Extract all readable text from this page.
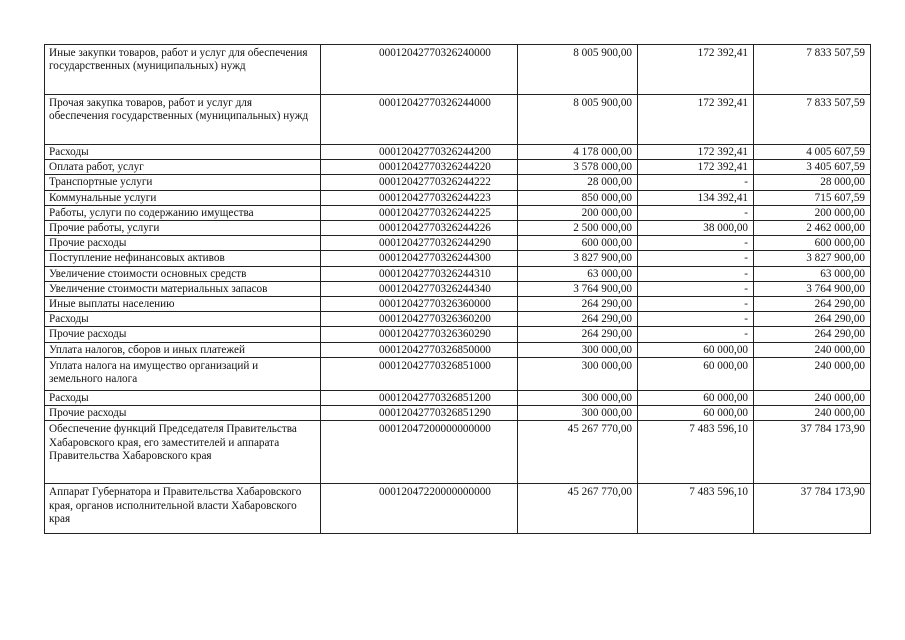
Иные закупки товаров, работ и услуг для обеспечения государственных (муниципальных) нужд	00012042770326240000	8 005 900,00	172 392,41	7 833 507,59
Прочая закупка товаров, работ и услуг для обеспечения государственных (муниципальных) нужд	00012042770326244000	8 005 900,00	172 392,41	7 833 507,59
Расходы	00012042770326244200	4 178 000,00	172 392,41	4 005 607,59
Оплата работ, услуг	00012042770326244220	3 578 000,00	172 392,41	3 405 607,59
Транспортные услуги	00012042770326244222	28 000,00	-	28 000,00
Коммунальные услуги	00012042770326244223	850 000,00	134 392,41	715 607,59
Работы, услуги по содержанию имущества	00012042770326244225	200 000,00	-	200 000,00
Прочие работы, услуги	00012042770326244226	2 500 000,00	38 000,00	2 462 000,00
Прочие расходы	00012042770326244290	600 000,00	-	600 000,00
Поступление нефинансовых активов	00012042770326244300	3 827 900,00	-	3 827 900,00
Увеличение стоимости основных средств	00012042770326244310	63 000,00	-	63 000,00
Увеличение стоимости материальных запасов	00012042770326244340	3 764 900,00	-	3 764 900,00
Иные выплаты населению	00012042770326360000	264 290,00	-	264 290,00
Расходы	00012042770326360200	264 290,00	-	264 290,00
Прочие расходы	00012042770326360290	264 290,00	-	264 290,00
Уплата налогов, сборов и иных платежей	00012042770326850000	300 000,00	60 000,00	240 000,00
Уплата налога на имущество организаций и земельного налога	00012042770326851000	300 000,00	60 000,00	240 000,00
Расходы	00012042770326851200	300 000,00	60 000,00	240 000,00
Прочие расходы	00012042770326851290	300 000,00	60 000,00	240 000,00
Обеспечение функций Председателя Правительства Хабаровского края, его заместителей и аппарата Правительства Хабаровского края	00012047200000000000	45 267 770,00	7 483 596,10	37 784 173,90
Аппарат Губернатора и Правительства Хабаровского края, органов исполнительной власти Хабаровского края	00012047220000000000	45 267 770,00	7 483 596,10	37 784 173,90
